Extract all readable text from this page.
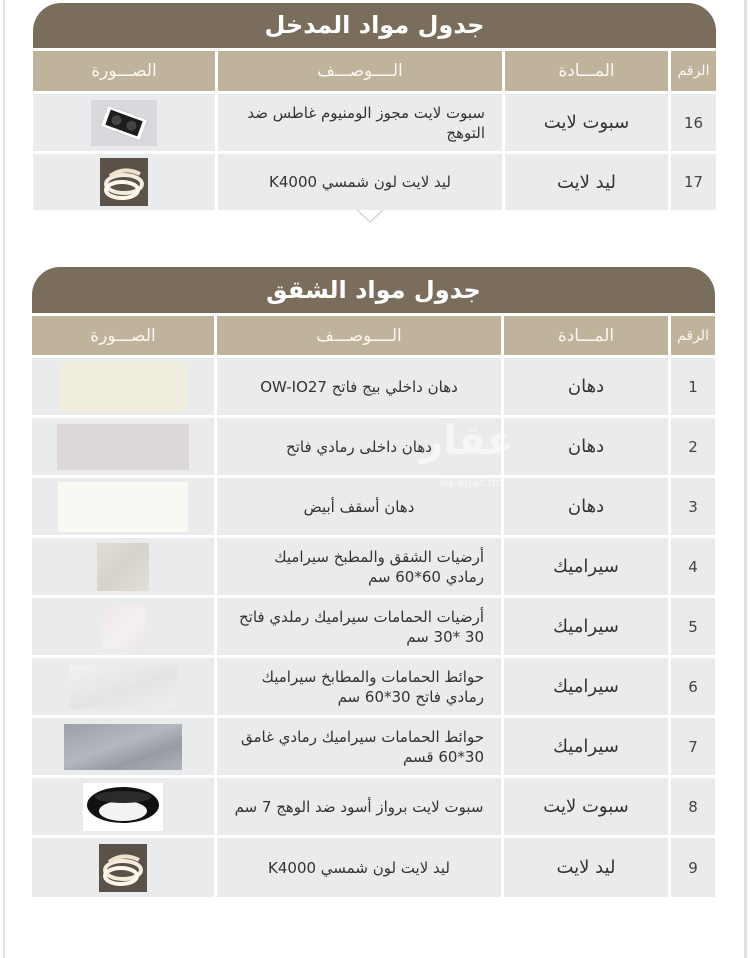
جدول مواد المدخل
الصـــورة	الــــوصـــف	المـــادة	الرقم
سبوت لايت مجوز الومنيوم غاطس ضد التوهج	سبوت لايت	16
ليد لايت لون شمسي K4000	ليد لايت	17
جدول مواد الشقق
الصـــورة	الــــوصـــف	المـــادة	الرقم
دهان داخلي بيج فاتح OW-IO27	دهان	1
دهان داخلى رمادي فاتح	دهان	2
دهان أسقف أبيض	دهان	3
أرضيات الشقق والمطبخ سيراميك رمادي 60*60 سم	سيراميك	4
أرضيات الحمامات سيراميك رملدي فاتح 30 *30 سم	سيراميك	5
حوائط الحمامات والمطابخ سيراميك رمادي فاتح 30*60 سم	سيراميك	6
حوائط الحمامات سيراميك رمادي غامق 30*60 قسم	سيراميك	7
سبوت لايت برواز أسود ضد الوهج 7 سم	سبوت لايت	8
ليد لايت لون شمسي K4000	ليد لايت	9
عقار
sa.aqar.fm
